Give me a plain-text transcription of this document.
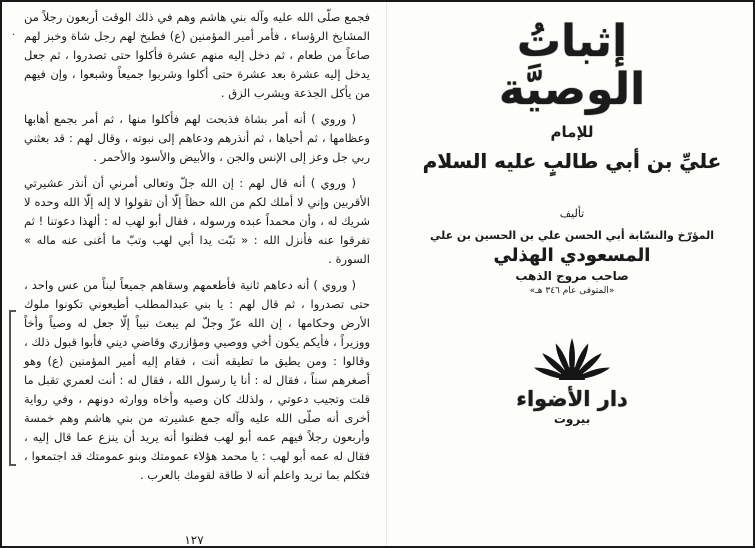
·

فجمع صلّى الله عليه وآله بني هاشم وهم في ذلك الوقت أربعون رجلاً من المشايخ الرؤساء ، فأمر أمير المؤمنين (ع) فطبخ لهم رجل شاة وخبز لهم صاعاً من طعام ، ثم دخل إليه منهم عشرة فأكلوا حتى تصدروا ، ثم جعل يدخل إليه عشرة بعد عشرة حتى أكلوا وشربوا جميعاً وشبعوا ، وإن فيهم من يأكل الجذعة ويشرب الزق .

( وروي ) أنه أمر بشاة فذبحت لهم فأكلوا منها ، ثم أمر بجمع أهابها وعظامها ، ثم أحياها ، ثم أنذرهم ودعاهم إلى نبوته ، وقال لهم : قد بعثني ربي جل وعز إلى الإنس والجن ، والأبيض والأسود والأحمر .

( وروي ) أنه قال لهم : إن الله جلّ وتعالى أمرني أن أنذر عشيرتي الأقربين وإني لا أملك لكم من الله حظاً إلّا أن تقولوا لا إله إلّا الله وحده لا شريك له ، وأن محمداً عبده ورسوله ، فقال أبو لهب له : ألهذا دعوتنا ! ثم تفرقوا عنه فأنزل الله : « تبّت يدا أبي لهب وتبّ ما أغنى عنه ماله » السورة .

( وروي ) أنه دعاهم ثانية فأطعمهم وسقاهم جميعاً لبناً من عس واحد ، حتى تصدروا ، ثم قال لهم : يا بني عبدالمطلب أطيعوني تكونوا ملوك الأرض وحكامها ، إن الله عزّ وجلّ لم يبعث نبياً إلّا جعل له وصياً وأخاً ووزيراً ، فأيكم يكون أخي ووصيي ومؤازري وقاضي ديني فأبوا قبول ذلك ، وقالوا : ومن يطيق ما تطيقه أنت ، فقام إليه أمير المؤمنين (ع) وهو أصغرهم سناً ، فقال له : أنا يا رسول الله ، فقال له : أنت لعمري تقبل ما قلت وتجيب دعوتي ، ولذلك كان وصيه وأخاه ووارثه دونهم ، وفي رواية أخرى أنه صلّى الله عليه وآله جمع عشيرته من بني هاشم وهم خمسة وأربعون رجلاً فيهم عمه أبو لهب فظنوا أنه يريد أن ينزع عما قال إليه ، فقال له عمه أبو لهب : يا محمد هؤلاء عمومتك وبنو عمومتك قد اجتمعوا ، فتكلم بما تريد واعلم أنه لا طاقة لقومك بالعرب .

١٢٧
إثباتُ
الوصيَّة
للإمام
عليِّ بن أبي طالبٍ عليه السلام
تأليف
المؤرّخ والنسّابة أبي الحسن علي بن الحسين بن علي
المسعودي الهذلي
صاحب مروج الذهب
«المتوفى عام ٣٤٦ هـ»
دار الأضواء
بيروت
